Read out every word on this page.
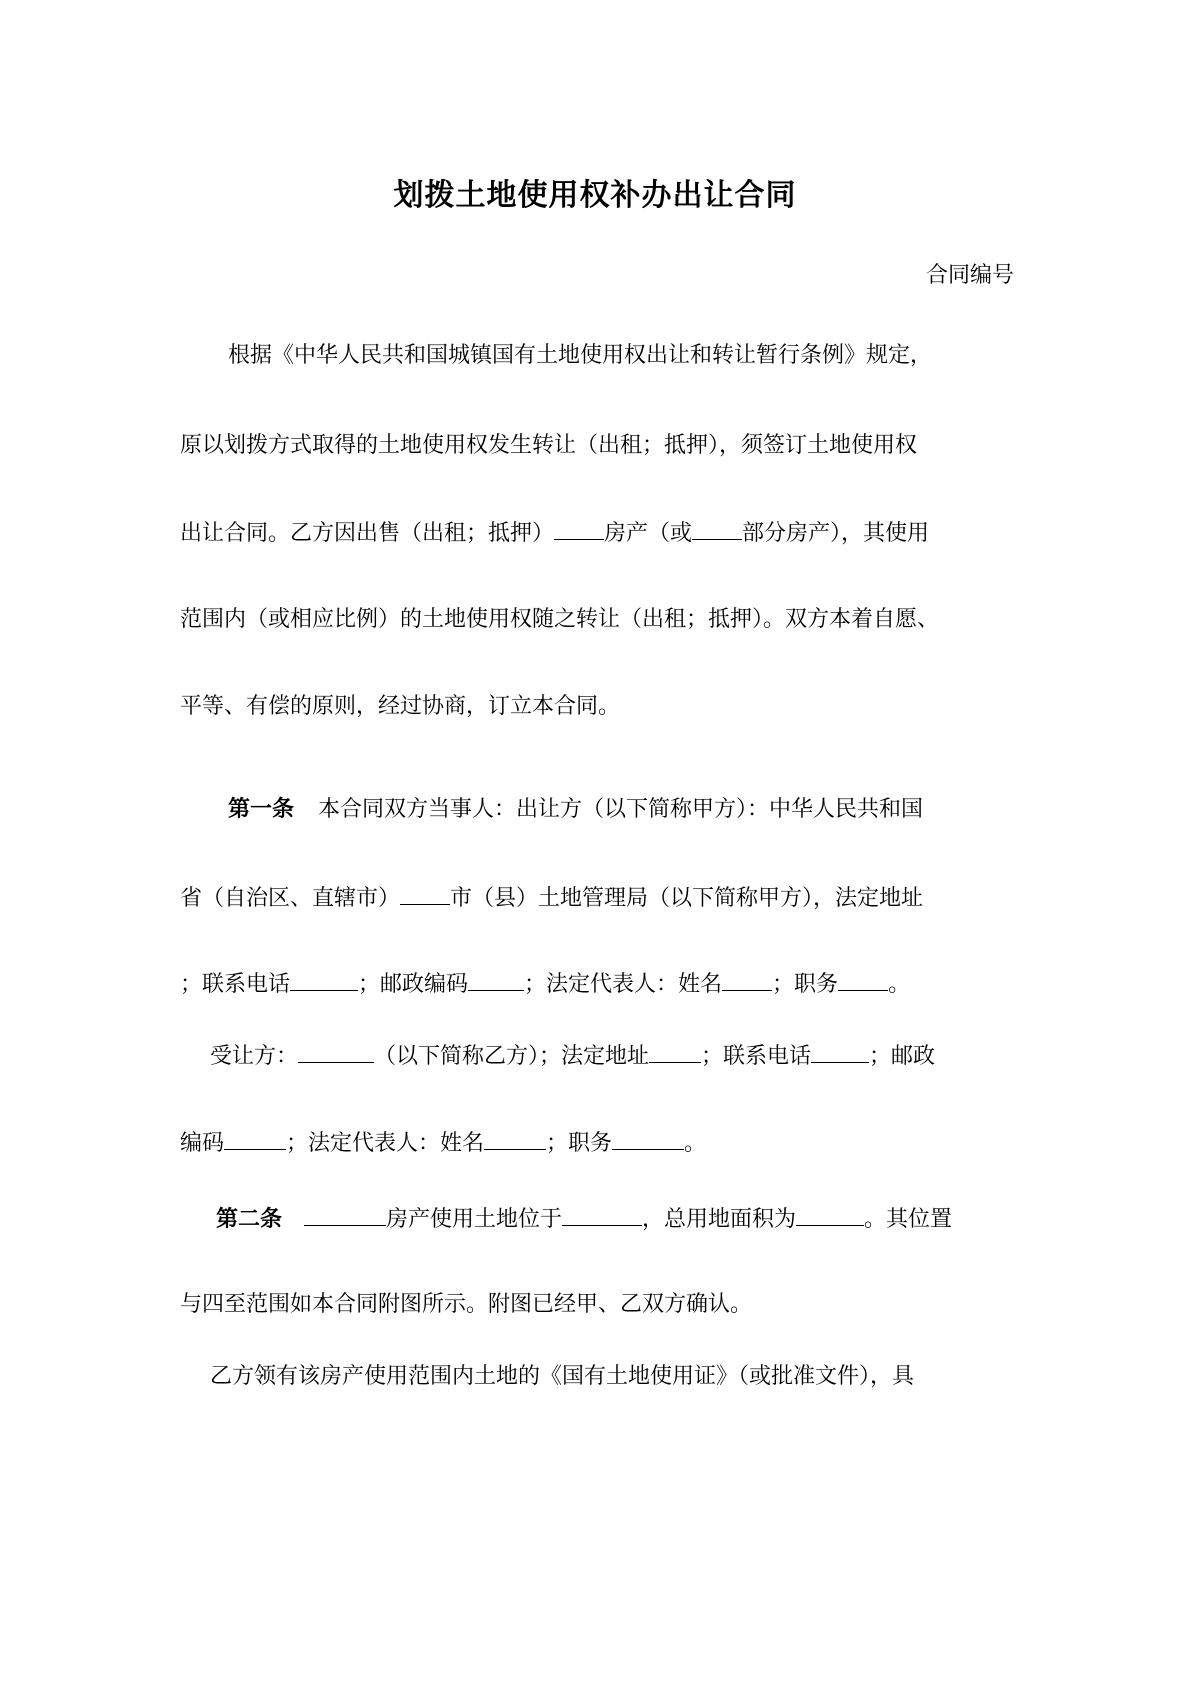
划拨土地使用权补办出让合同
合同编号
根据《中华人民共和国城镇国有土地使用权出让和转让暂行条例》规定，
原以划拨方式取得的土地使用权发生转让（出租；抵押），须签订土地使用权
出让合同。乙方因出售（出租；抵押） 房产（或 部分房产），其使用
范围内（或相应比例）的土地使用权随之转让（出租；抵押）。双方本着自愿、
平等、有偿的原则，经过协商，订立本合同。
第一条 本合同双方当事人：出让方（以下简称甲方）：中华人民共和国
省（自治区、直辖市） 市（县）土地管理局（以下简称甲方），法定地址
；联系电话	；邮政编码	；法定代表人：姓名 ；职务 。
受让方：	（以下简称乙方）；法定地址 ；联系电话	；邮政
编码	；法定代表人：姓名	；职务	。
第二条	房产使用土地位于	，总用地面积为	。其位置
与四至范围如本合同附图所示。附图已经甲、乙双方确认。
乙方领有该房产使用范围内土地的《国有土地使用证》（或批准文件），具
